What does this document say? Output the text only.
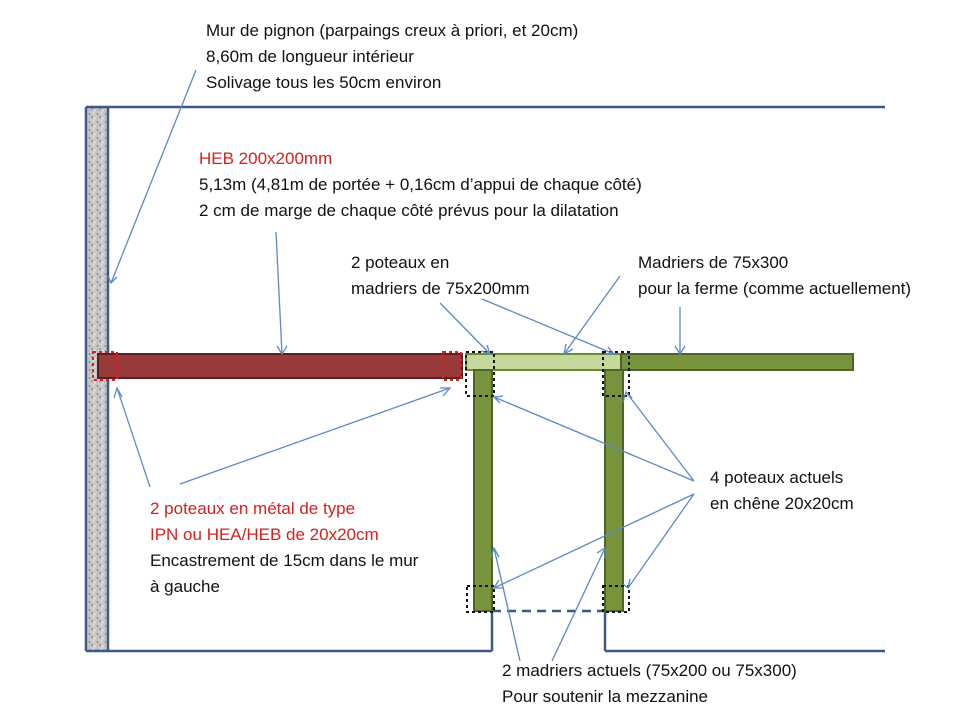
Mur de pignon (parpaings creux à priori, et 20cm)
8,60m de longueur intérieur
Solivage tous les 50cm environ
HEB 200x200mm
5,13m (4,81m de portée + 0,16cm d’appui de chaque côté)
2 cm de marge de chaque côté prévus pour la dilatation
2 poteaux en
madriers de 75x200mm
Madriers de 75x300
pour la ferme (comme actuellement)
4 poteaux actuels
en chêne 20x20cm
2 poteaux en métal de type
IPN ou HEA/HEB de 20x20cm
Encastrement de 15cm dans le mur
à gauche
2 madriers actuels (75x200 ou 75x300)
Pour soutenir la mezzanine
